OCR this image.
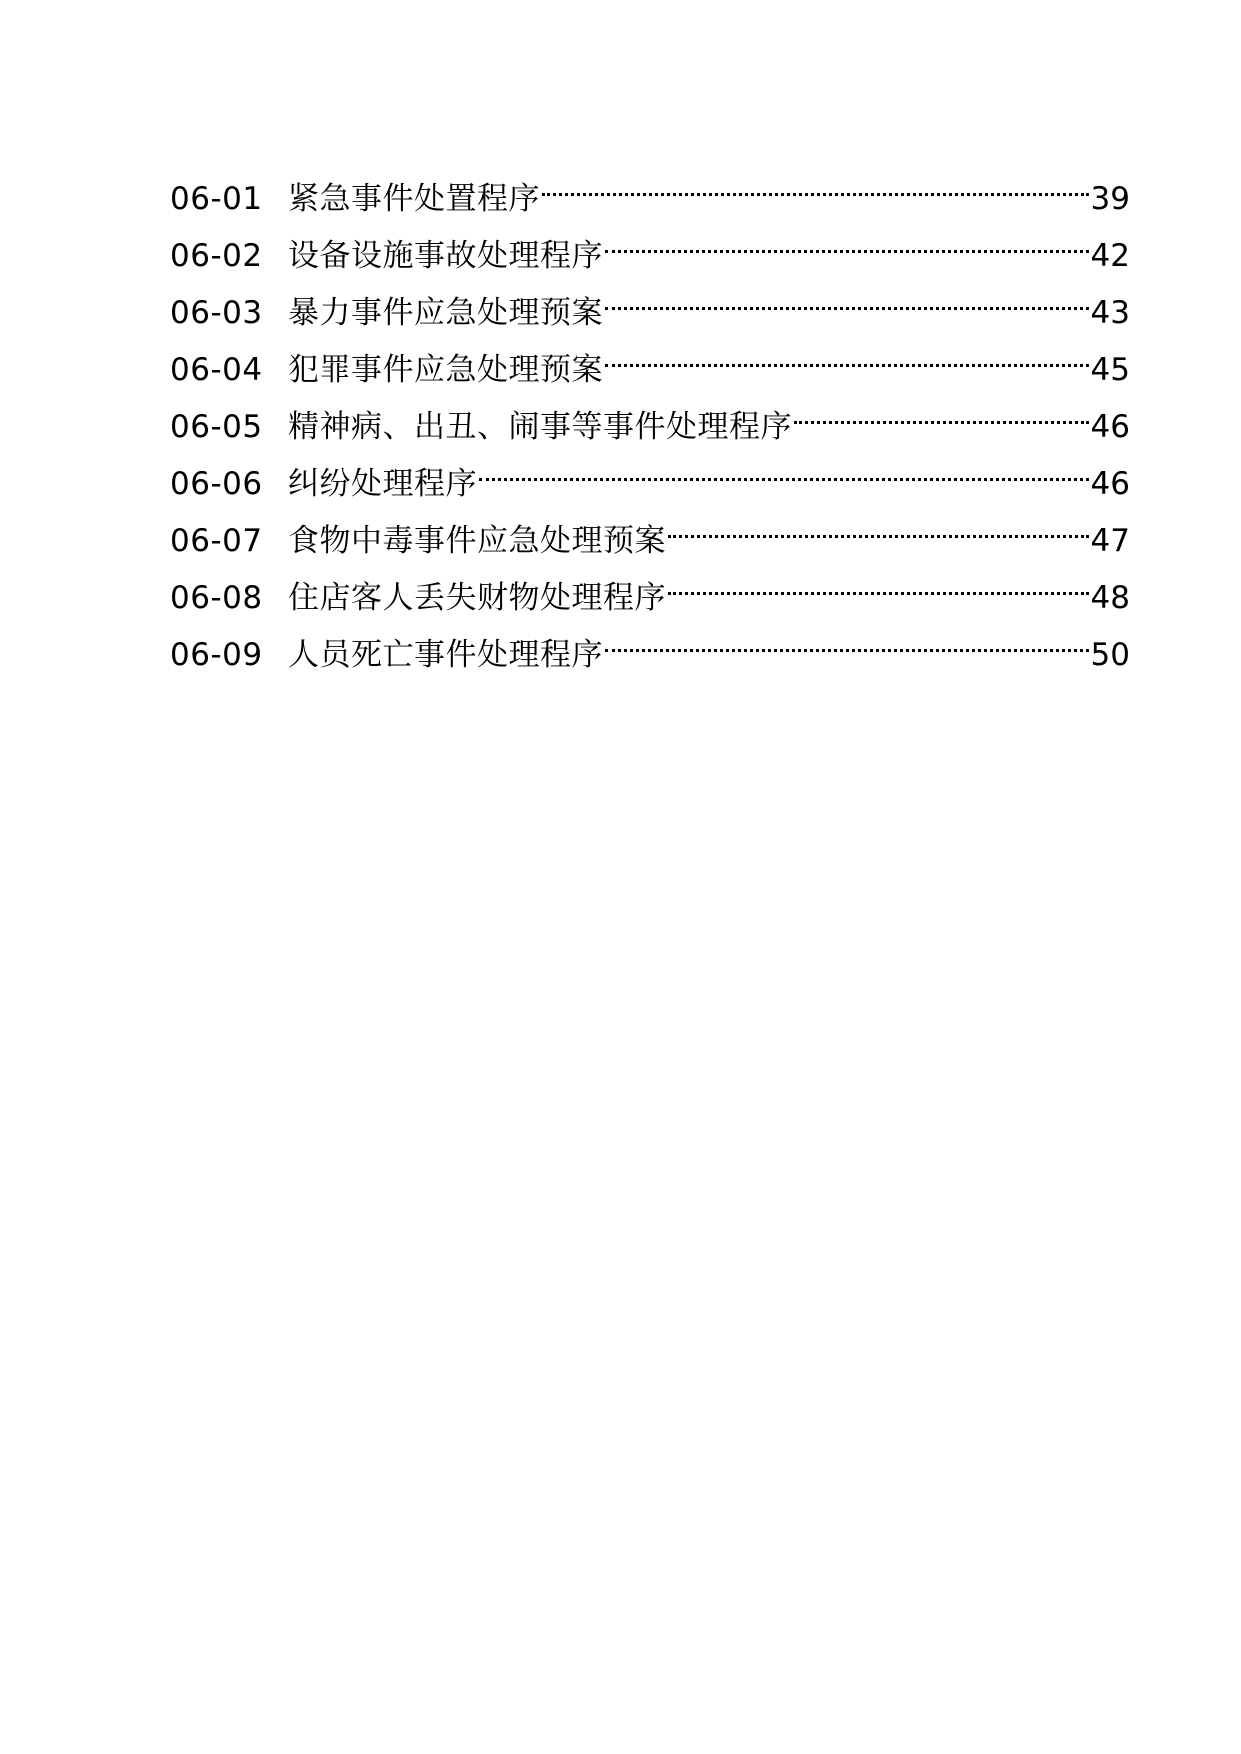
06-01 紧急事件处置程序	39
06-02 设备设施事故处理程序	42
06-03 暴力事件应急处理预案	43
06-04 犯罪事件应急处理预案	45
06-05 精神病、出丑、闹事等事件处理程序	46
06-06 纠纷处理程序	46
06-07 食物中毒事件应急处理预案	47
06-08 住店客人丢失财物处理程序	48
06-09 人员死亡事件处理程序	50
